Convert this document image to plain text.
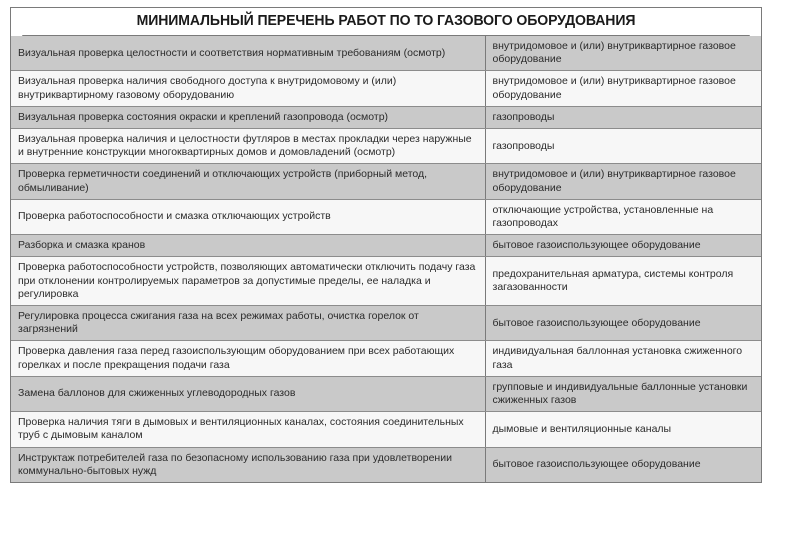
МИНИМАЛЬНЫЙ ПЕРЕЧЕНЬ РАБОТ ПО ТО ГАЗОВОГО ОБОРУДОВАНИЯ
Визуальная проверка целостности и соответствия нормативным требованиям (осмотр)	внутридомовое и (или) внутриквартирное газовое оборудование
Визуальная проверка наличия свободного доступа к внутридомовому и (или) внутриквартирному газовому оборудованию	внутридомовое и (или) внутриквартирное газовое оборудование
Визуальная проверка состояния окраски и креплений газопровода (осмотр)	газопроводы
Визуальная проверка наличия и целостности футляров в местах прокладки через наружные и внутренние конструкции многоквартирных домов и домовладений (осмотр)	газопроводы
Проверка герметичности соединений и отключающих устройств (приборный метод, обмыливание)	внутридомовое и (или) внутриквартирное газовое оборудование
Проверка работоспособности и смазка отключающих устройств	отключающие устройства, установленные на газопроводах
Разборка и смазка кранов	бытовое газоиспользующее оборудование
Проверка работоспособности устройств, позволяющих автоматически отключить подачу газа при отклонении контролируемых параметров за допустимые пределы, ее наладка и регулировка	предохранительная арматура, системы контроля загазованности
Регулировка процесса сжигания газа на всех режимах работы, очистка горелок от загрязнений	бытовое газоиспользующее оборудование
Проверка давления газа перед газоиспользующим оборудованием при всех работающих горелках и после прекращения подачи газа	индивидуальная баллонная установка сжиженного газа
Замена баллонов для сжиженных углеводородных газов	групповые и индивидуальные баллонные установки сжиженных газов
Проверка наличия тяги в дымовых и вентиляционных каналах, состояния соединительных труб с дымовым каналом	дымовые и вентиляционные каналы
Инструктаж потребителей газа по безопасному использованию газа при удовлетворении коммунально-бытовых нужд	бытовое газоиспользующее оборудование
